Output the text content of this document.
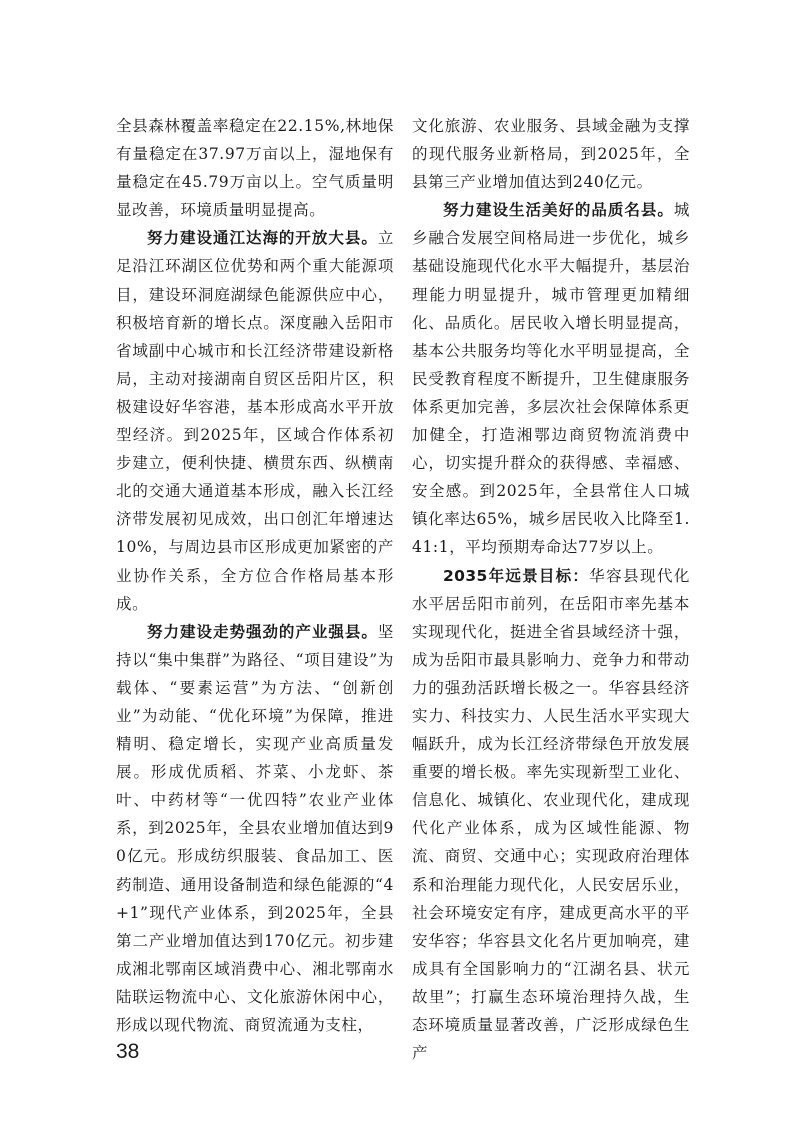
全县森林覆盖率稳定在22.15%,林地保有量稳定在37.97万亩以上，湿地保有量稳定在45.79万亩以上。空气质量明显改善，环境质量明显提高。

努力建设通江达海的开放大县。立足沿江环湖区位优势和两个重大能源项目，建设环洞庭湖绿色能源供应中心，积极培育新的增长点。深度融入岳阳市省域副中心城市和长江经济带建设新格局，主动对接湖南自贸区岳阳片区，积极建设好华容港，基本形成高水平开放型经济。到2025年，区域合作体系初步建立，便利快捷、横贯东西、纵横南北的交通大通道基本形成，融入长江经济带发展初见成效，出口创汇年增速达10%，与周边县市区形成更加紧密的产业协作关系，全方位合作格局基本形成。

努力建设走势强劲的产业强县。坚持以“集中集群”为路径、“项目建设”为载体、“要素运营”为方法、“创新创业”为动能、“优化环境”为保障，推进精明、稳定增长，实现产业高质量发展。形成优质稻、芥菜、小龙虾、茶叶、中药材等“一优四特”农业产业体系，到2025年，全县农业增加值达到90亿元。形成纺织服装、食品加工、医药制造、通用设备制造和绿色能源的“4+1”现代产业体系，到2025年，全县第二产业增加值达到170亿元。初步建成湘北鄂南区域消费中心、湘北鄂南水陆联运物流中心、文化旅游休闲中心，形成以现代物流、商贸流通为支柱，

文化旅游、农业服务、县域金融为支撑的现代服务业新格局，到2025年，全县第三产业增加值达到240亿元。

努力建设生活美好的品质名县。城乡融合发展空间格局进一步优化，城乡基础设施现代化水平大幅提升，基层治理能力明显提升，城市管理更加精细化、品质化。居民收入增长明显提高，基本公共服务均等化水平明显提高，全民受教育程度不断提升，卫生健康服务体系更加完善，多层次社会保障体系更加健全，打造湘鄂边商贸物流消费中心，切实提升群众的获得感、幸福感、安全感。到2025年，全县常住人口城镇化率达65%，城乡居民收入比降至1.41:1，平均预期寿命达77岁以上。

2035年远景目标：华容县现代化水平居岳阳市前列，在岳阳市率先基本实现现代化，挺进全省县域经济十强，成为岳阳市最具影响力、竞争力和带动力的强劲活跃增长极之一。华容县经济实力、科技实力、人民生活水平实现大幅跃升，成为长江经济带绿色开放发展重要的增长极。率先实现新型工业化、信息化、城镇化、农业现代化，建成现代化产业体系，成为区域性能源、物流、商贸、交通中心；实现政府治理体系和治理能力现代化，人民安居乐业，社会环境安定有序，建成更高水平的平安华容；华容县文化名片更加响亮，建成具有全国影响力的“江湖名县、状元故里”；打赢生态环境治理持久战，生态环境质量显著改善，广泛形成绿色生产

38
